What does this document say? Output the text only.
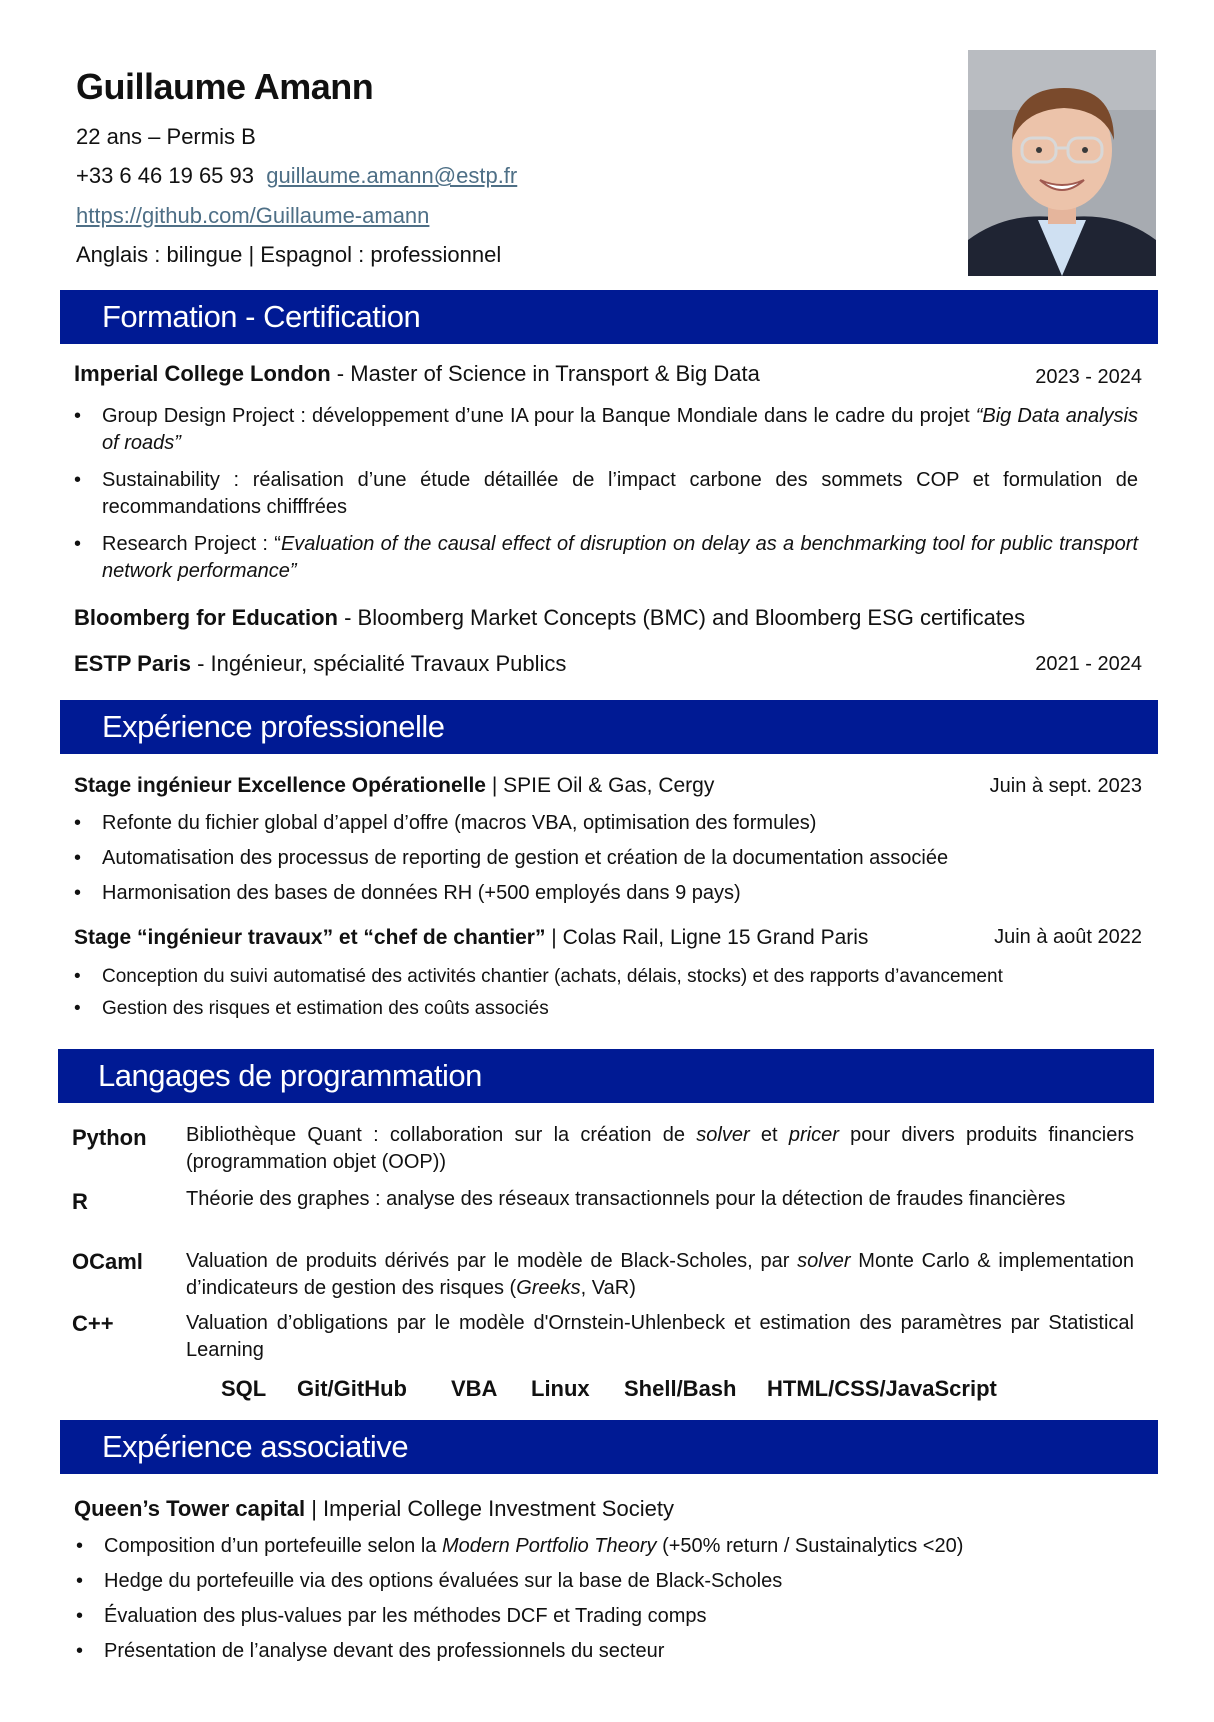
Guillaume Amann
22 ans – Permis B
+33 6 46 19 65 93 guillaume.amann@estp.fr
https://github.com/Guillaume-amann
Anglais : bilingue | Espagnol : professionnel
Formation - Certification
Imperial College London - Master of Science in Transport & Big Data	2023 - 2024
• Group Design Project : développement d’une IA pour la Banque Mondiale dans le cadre du projet “Big Data analysis of roads”
• Sustainability : réalisation d’une étude détaillée de l’impact carbone des sommets COP et formulation de recommandations chifffrées
• Research Project : “Evaluation of the causal effect of disruption on delay as a benchmarking tool for public transport network performance”
Bloomberg for Education - Bloomberg Market Concepts (BMC) and Bloomberg ESG certificates
ESTP Paris - Ingénieur, spécialité Travaux Publics	2021 - 2024
Expérience professionelle
Stage ingénieur Excellence Opérationelle | SPIE Oil & Gas, Cergy	Juin à sept. 2023
• Refonte du fichier global d’appel d’offre (macros VBA, optimisation des formules)
• Automatisation des processus de reporting de gestion et création de la documentation associée
• Harmonisation des bases de données RH (+500 employés dans 9 pays)
Stage “ingénieur travaux” et “chef de chantier” | Colas Rail, Ligne 15 Grand Paris	Juin à août 2022
• Conception du suivi automatisé des activités chantier (achats, délais, stocks) et des rapports d’avancement
• Gestion des risques et estimation des coûts associés
Langages de programmation
Python Bibliothèque Quant : collaboration sur la création de solver et pricer pour divers produits financiers (programmation objet (OOP))
R	Théorie des graphes : analyse des réseaux transactionnels pour la détection de fraudes financières
OCaml Valuation de produits dérivés par le modèle de Black-Scholes, par solver Monte Carlo & implementation d’indicateurs de gestion des risques (Greeks, VaR)
C++	Valuation d’obligations par le modèle d'Ornstein-Uhlenbeck et estimation des paramètres par Statistical Learning
SQL Git/GitHub VBA Linux Shell/Bash HTML/CSS/JavaScript
Expérience associative
Queen’s Tower capital | Imperial College Investment Society
• Composition d’un portefeuille selon la Modern Portfolio Theory (+50% return / Sustainalytics <20)
• Hedge du portefeuille via des options évaluées sur la base de Black-Scholes
• É́valuation des plus-values par les méthodes DCF et Trading comps
• Présentation de l’analyse devant des professionnels du secteur
